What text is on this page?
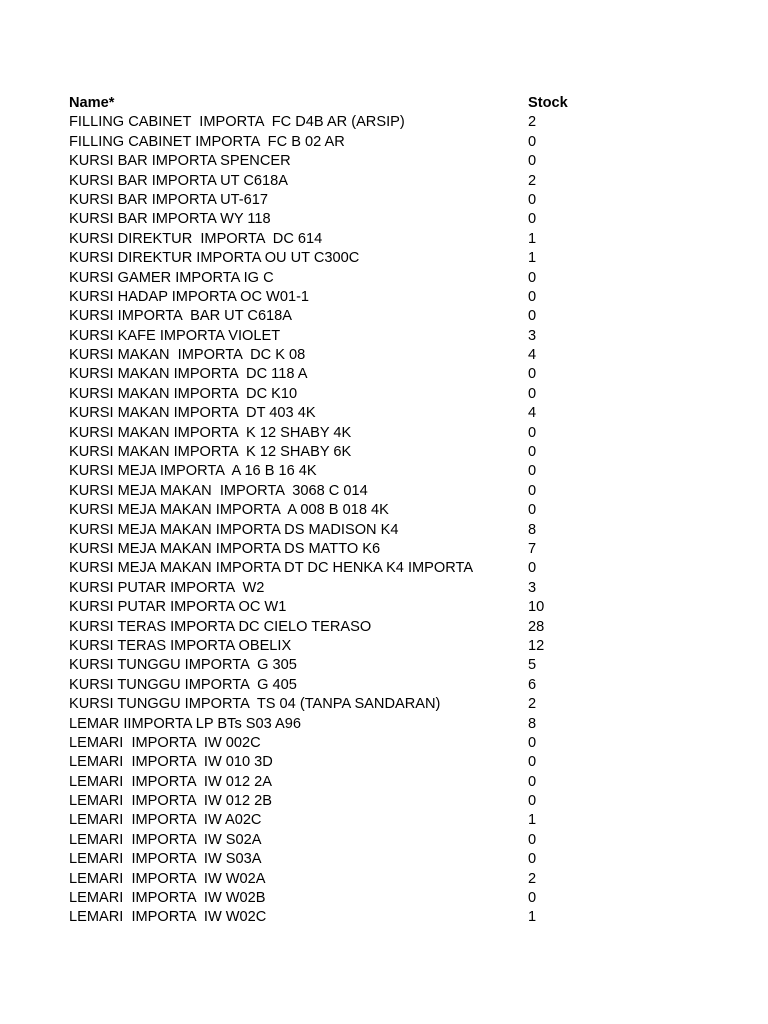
Name*	Stock
FILLING CABINET  IMPORTA  FC D4B AR (ARSIP)	2
FILLING CABINET IMPORTA  FC B 02 AR	0
KURSI BAR IMPORTA SPENCER	0
KURSI BAR IMPORTA UT C618A	2
KURSI BAR IMPORTA UT-617	0
KURSI BAR IMPORTA WY 118	0
KURSI DIREKTUR  IMPORTA  DC 614	1
KURSI DIREKTUR IMPORTA OU UT C300C	1
KURSI GAMER IMPORTA IG C	0
KURSI HADAP IMPORTA OC W01-1	0
KURSI IMPORTA  BAR UT C618A	0
KURSI KAFE IMPORTA VIOLET	3
KURSI MAKAN  IMPORTA  DC K 08	4
KURSI MAKAN IMPORTA  DC 118 A	0
KURSI MAKAN IMPORTA  DC K10	0
KURSI MAKAN IMPORTA  DT 403 4K	4
KURSI MAKAN IMPORTA  K 12 SHABY 4K	0
KURSI MAKAN IMPORTA  K 12 SHABY 6K	0
KURSI MEJA IMPORTA  A 16 B 16 4K	0
KURSI MEJA MAKAN  IMPORTA  3068 C 014	0
KURSI MEJA MAKAN IMPORTA  A 008 B 018 4K	0
KURSI MEJA MAKAN IMPORTA DS MADISON K4	8
KURSI MEJA MAKAN IMPORTA DS MATTO K6	7
KURSI MEJA MAKAN IMPORTA DT DC HENKA K4 IMPORTA	0
KURSI PUTAR IMPORTA  W2	3
KURSI PUTAR IMPORTA OC W1	10
KURSI TERAS IMPORTA DC CIELO TERASO	28
KURSI TERAS IMPORTA OBELIX	12
KURSI TUNGGU IMPORTA  G 305	5
KURSI TUNGGU IMPORTA  G 405	6
KURSI TUNGGU IMPORTA  TS 04 (TANPA SANDARAN)	2
LEMAR IIMPORTA LP BTs S03 A96	8
LEMARI  IMPORTA  IW 002C	0
LEMARI  IMPORTA  IW 010 3D	0
LEMARI  IMPORTA  IW 012 2A	0
LEMARI  IMPORTA  IW 012 2B	0
LEMARI  IMPORTA  IW A02C	1
LEMARI  IMPORTA  IW S02A	0
LEMARI  IMPORTA  IW S03A	0
LEMARI  IMPORTA  IW W02A	2
LEMARI  IMPORTA  IW W02B	0
LEMARI  IMPORTA  IW W02C	1
